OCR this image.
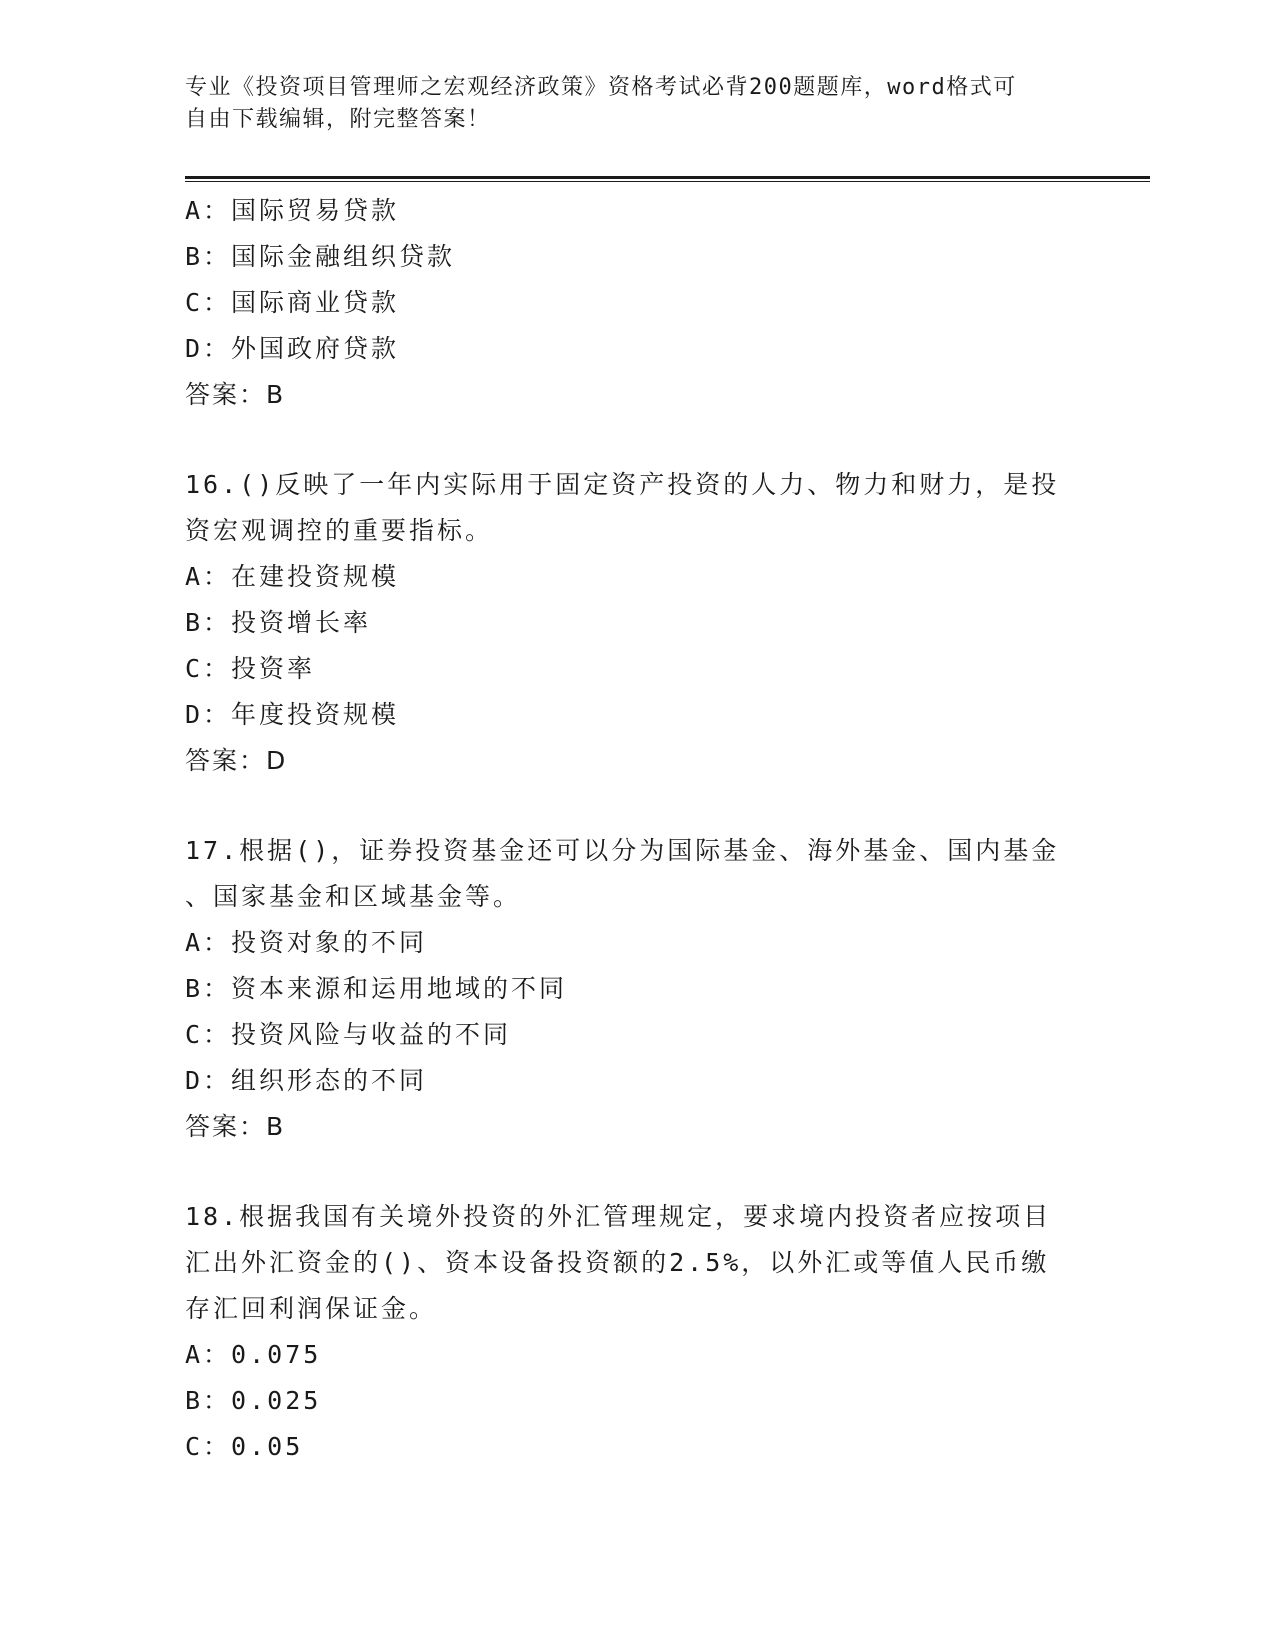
专业《投资项目管理师之宏观经济政策》资格考试必背200题题库，word格式可
自由下载编辑，附完整答案！
A：国际贸易贷款
B：国际金融组织贷款
C：国际商业贷款
D：外国政府贷款
答案：B
16.()反映了一年内实际用于固定资产投资的人力、物力和财力，是投
资宏观调控的重要指标。
A：在建投资规模
B：投资增长率
C：投资率
D：年度投资规模
答案：D
17.根据()，证券投资基金还可以分为国际基金、海外基金、国内基金
、国家基金和区域基金等。
A：投资对象的不同
B：资本来源和运用地域的不同
C：投资风险与收益的不同
D：组织形态的不同
答案：B
18.根据我国有关境外投资的外汇管理规定，要求境内投资者应按项目
汇出外汇资金的()、资本设备投资额的2.5%，以外汇或等值人民币缴
存汇回利润保证金。
A：0.075
B：0.025
C：0.05
